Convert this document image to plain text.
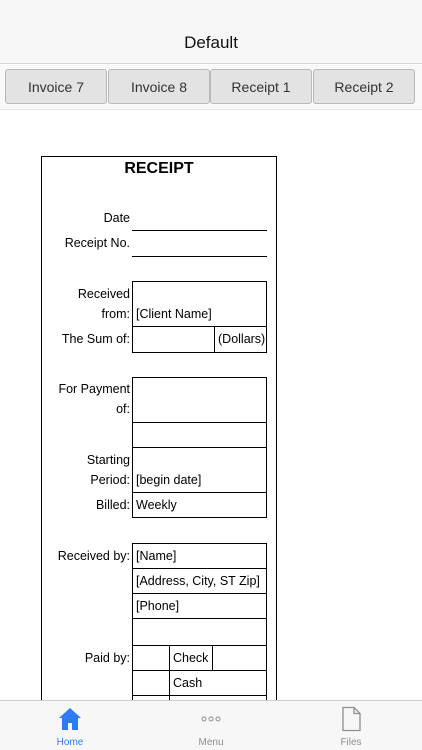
Default
Invoice 7	Invoice 8	Receipt 1	Receipt 2
RECEIPT
Date
Receipt No.
Received
from: [Client Name]
The Sum of:	(Dollars)
For Payment
of:
Starting
Period: [begin date]
Billed: Weekly
Received by: [Name]
[Address, City, ST Zip]
[Phone]
Paid by:	Check
Cash
Home	Menu	Files
